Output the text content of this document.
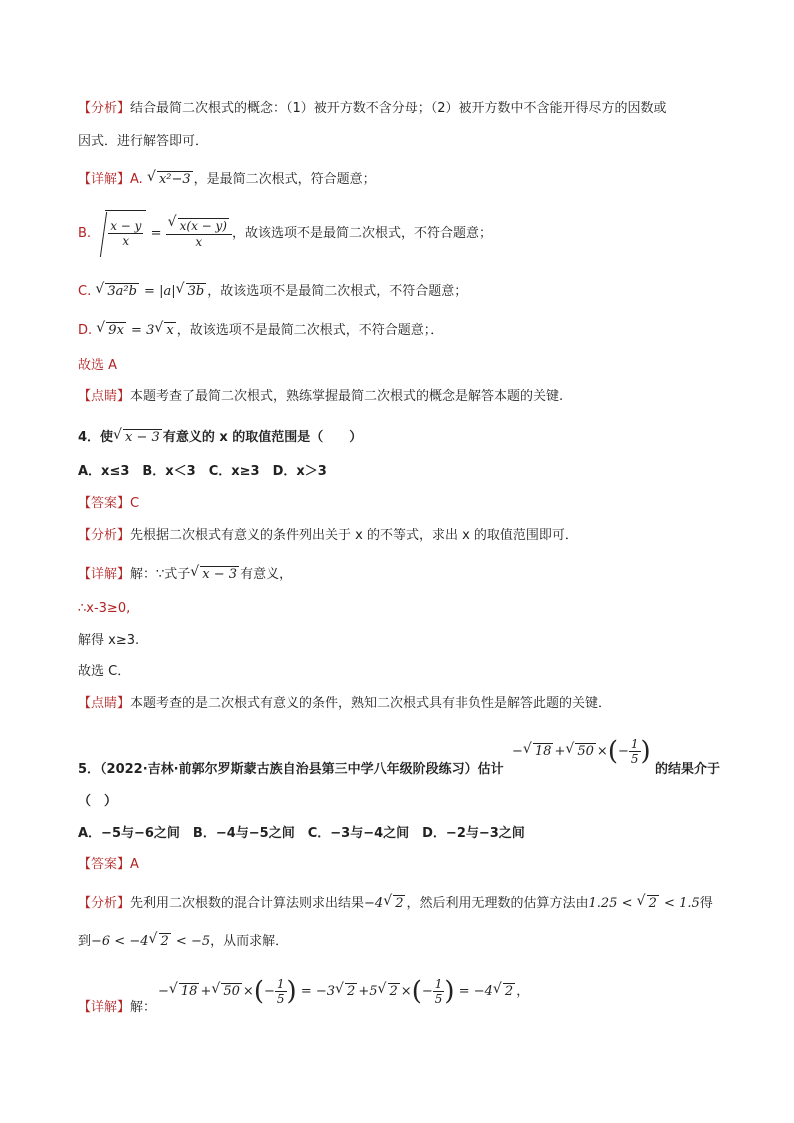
【分析】结合最简二次根式的概念：（1）被开方数不含分母；（2）被开方数中不含能开得尽方的因数或
因式．进行解答即可．
【详解】A. √ x²−3 ，是最简二次根式，符合题意；
B. $\frac{x - y}{x}$ = √ $\frac{x(x - y)}{x}$ ，故该选项不是最简二次根式，不符合题意；
C. √ 3a²b = |a| √ 3b ，故该选项不是最简二次根式，不符合题意；
D. √ 9x = 3 √ x ，故该选项不是最简二次根式，不符合题意；．
故选 A
【点睛】本题考查了最简二次根式，熟练掌握最简二次根式的概念是解答本题的关键.
4．使 √ x − 3 有意义的 x 的取值范围是（　　）
A．x≤3　B．x＜3　C．x≥3　D．x＞3
【答案】C
【分析】先根据二次根式有意义的条件列出关于 x 的不等式，求出 x 的取值范围即可．
【详解】解：∵式子 √ x − 3 有意义，
∴x-3≥0,
解得 x≥3.
故选 C．
【点睛】本题考查的是二次根式有意义的条件，熟知二次根式具有非负性是解答此题的关键．
5．（2022·吉林·前郭尔罗斯蒙古族自治县第三中学八年级阶段练习）估计
− √ 18 + √ 50 ×(− $\frac{1}{5}$ )
的结果介于
（　）
A．−5与−6之间　B．−4与−5之间　C．−3与−4之间　D．−2与−3之间
【答案】A
【分析】先利用二次根数的混合计算法则求出结果−4 √ 2 ，然后利用无理数的估算方法由1.25 < √ 2 < 1.5得
到−6 < −4 √ 2 < −5，从而求解．
【详解】解：
− √ 18 + √ 50 ×(− $\frac{1}{5}$ ) = −3 √ 2 +5 √ 2 ×(− $\frac{1}{5}$ ) = −4 √ 2 ，
